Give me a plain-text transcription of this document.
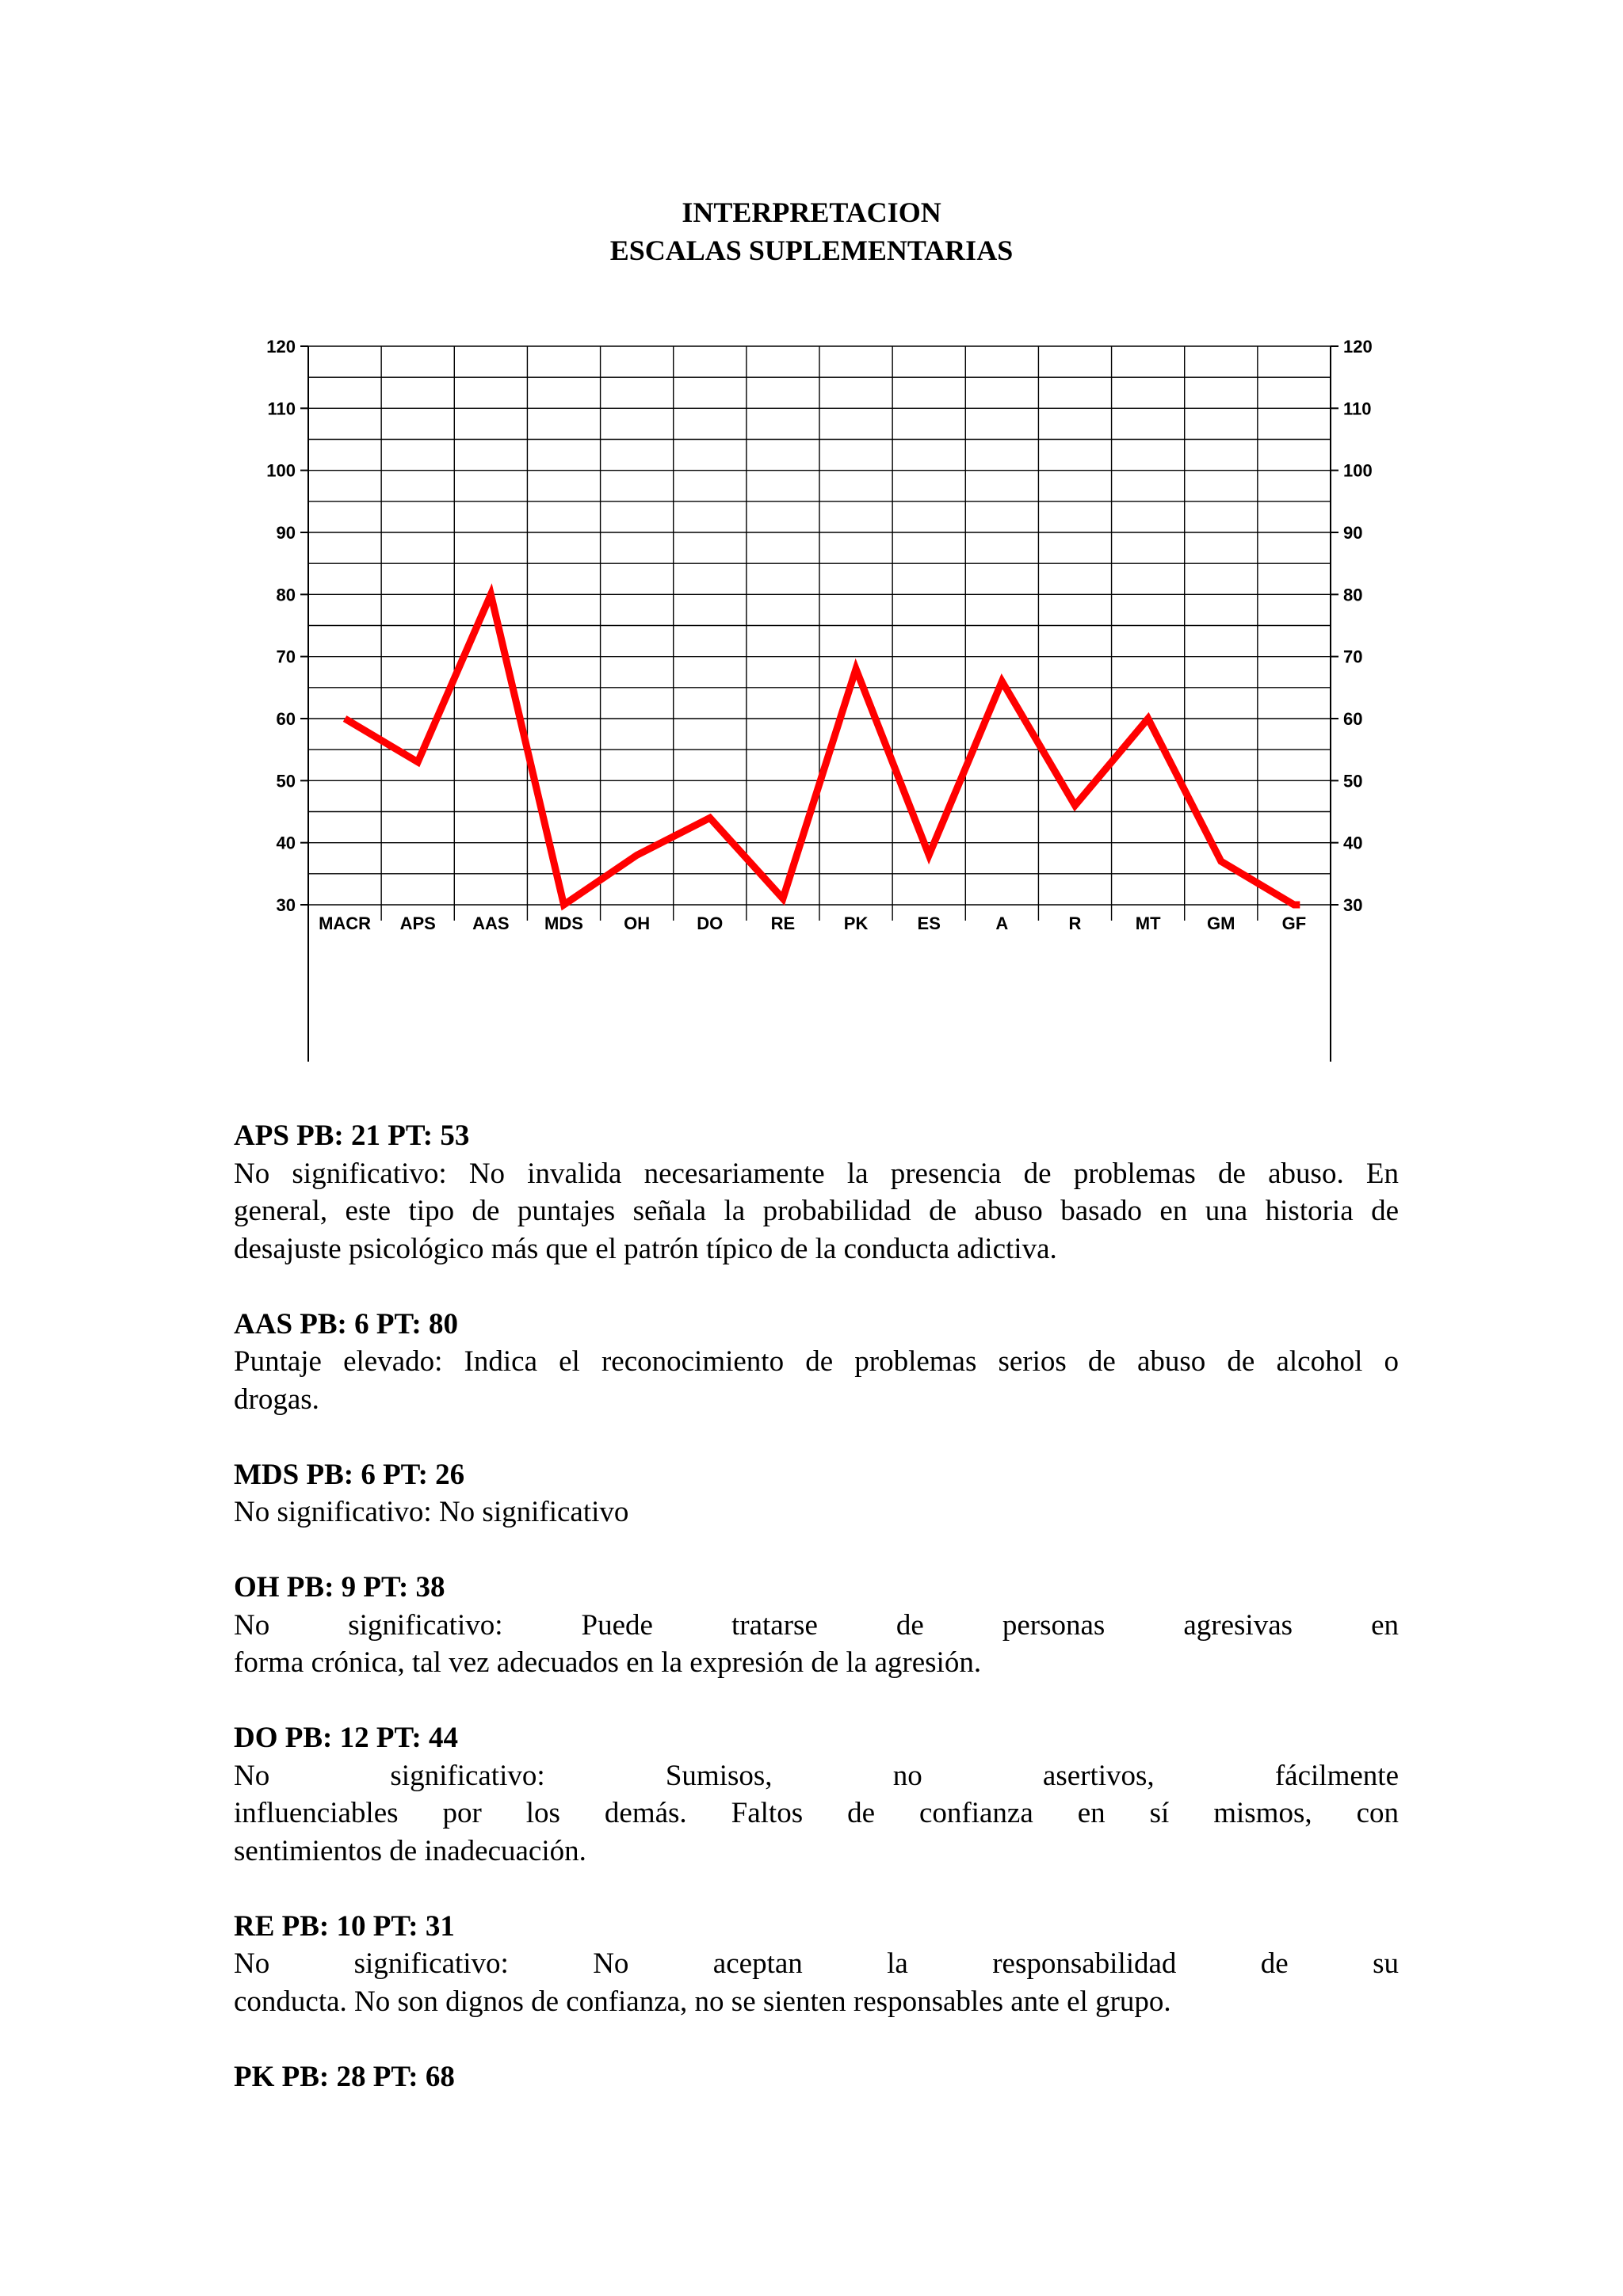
INTERPRETACION
ESCALAS SUPLEMENTARIAS
30	30
40	40
50	50
60	60
70	70
80	80
90	90
100	100
110	110
120	120
MACR APS AAS MDS OH	DO	RE	PK	ES	A	R	MT	GM	GF
APS PB: 21 PT: 53
No significativo: No invalida necesariamente la presencia de problemas de abuso. En
general, este tipo de puntajes señala la probabilidad de abuso basado en una historia de
desajuste psicológico más que el patrón típico de la conducta adictiva.
AAS PB: 6 PT: 80
Puntaje elevado: Indica el reconocimiento de problemas serios de abuso de alcohol o
drogas.
MDS PB: 6 PT: 26
No significativo: No significativo
OH PB: 9 PT: 38
No significativo: Puede tratarse de personas agresivas en
forma crónica, tal vez adecuados en la expresión de la agresión.
DO PB: 12 PT: 44
No significativo: Sumisos, no asertivos, fácilmente
influenciables por los demás. Faltos de confianza en sí mismos, con
sentimientos de inadecuación.
RE PB: 10 PT: 31
No significativo: No aceptan la responsabilidad de su
conducta. No son dignos de confianza, no se sienten responsables ante el grupo.
PK PB: 28 PT: 68
